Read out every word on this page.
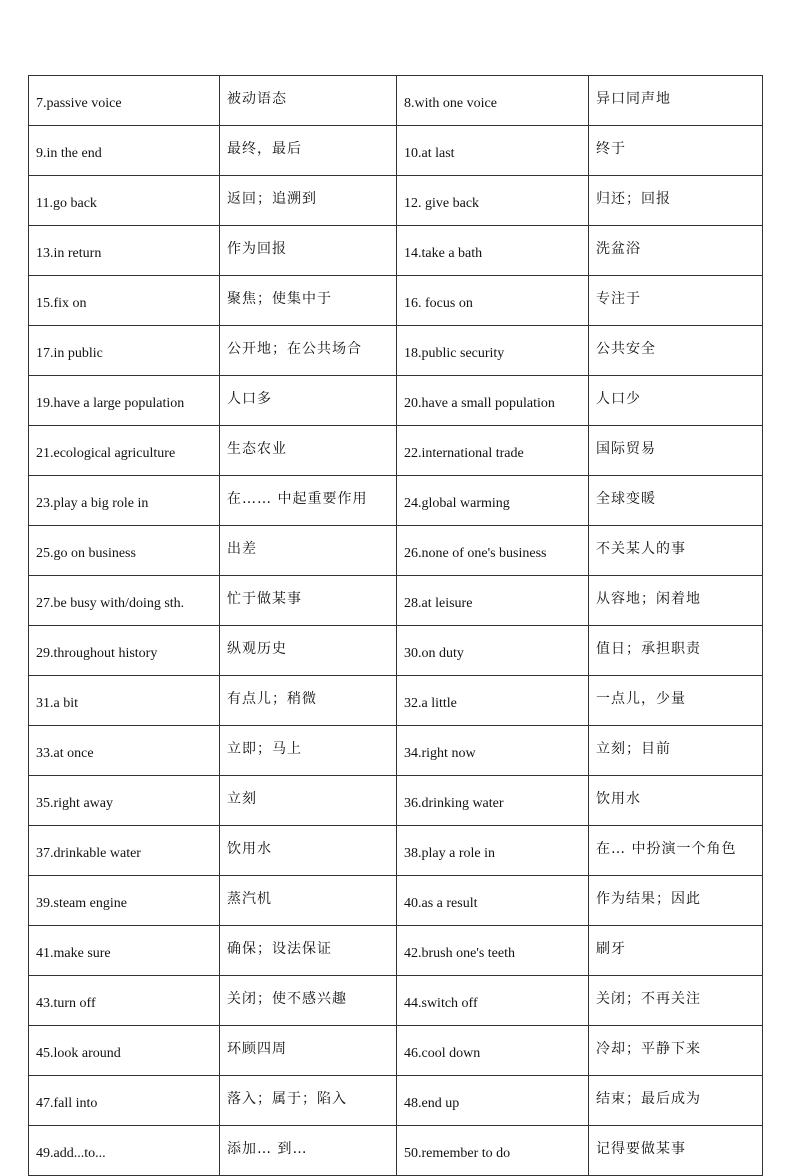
7.passive voice	被动语态	8.with one voice	异口同声地
9.in the end	最终，最后	10.at last	终于
11.go back	返回；追溯到	12. give back	归还；回报
13.in return	作为回报	14.take a bath	洗盆浴
15.fix on	聚焦；使集中于	16. focus on	专注于
17.in public	公开地；在公共场合	18.public security	公共安全
19.have a large population	人口多	20.have a small population	人口少
21.ecological agriculture	生态农业	22.international trade	国际贸易
23.play a big role in	在…… 中起重要作用	24.global warming	全球变暖
25.go on business	出差	26.none of one's business	不关某人的事
27.be busy with/doing sth.	忙于做某事	28.at leisure	从容地；闲着地
29.throughout history	纵观历史	30.on duty	值日；承担职责
31.a bit	有点儿；稍微	32.a little	一点儿，少量
33.at once	立即；马上	34.right now	立刻；目前
35.right away	立刻	36.drinking water	饮用水
37.drinkable water	饮用水	38.play a role in	在… 中扮演一个角色
39.steam engine	蒸汽机	40.as a result	作为结果；因此
41.make sure	确保；设法保证	42.brush one's teeth	刷牙
43.turn off	关闭；使不感兴趣	44.switch off	关闭；不再关注
45.look around	环顾四周	46.cool down	冷却；平静下来
47.fall into	落入；属于；陷入	48.end up	结束；最后成为
49.add...to...	添加… 到…	50.remember to do	记得要做某事
